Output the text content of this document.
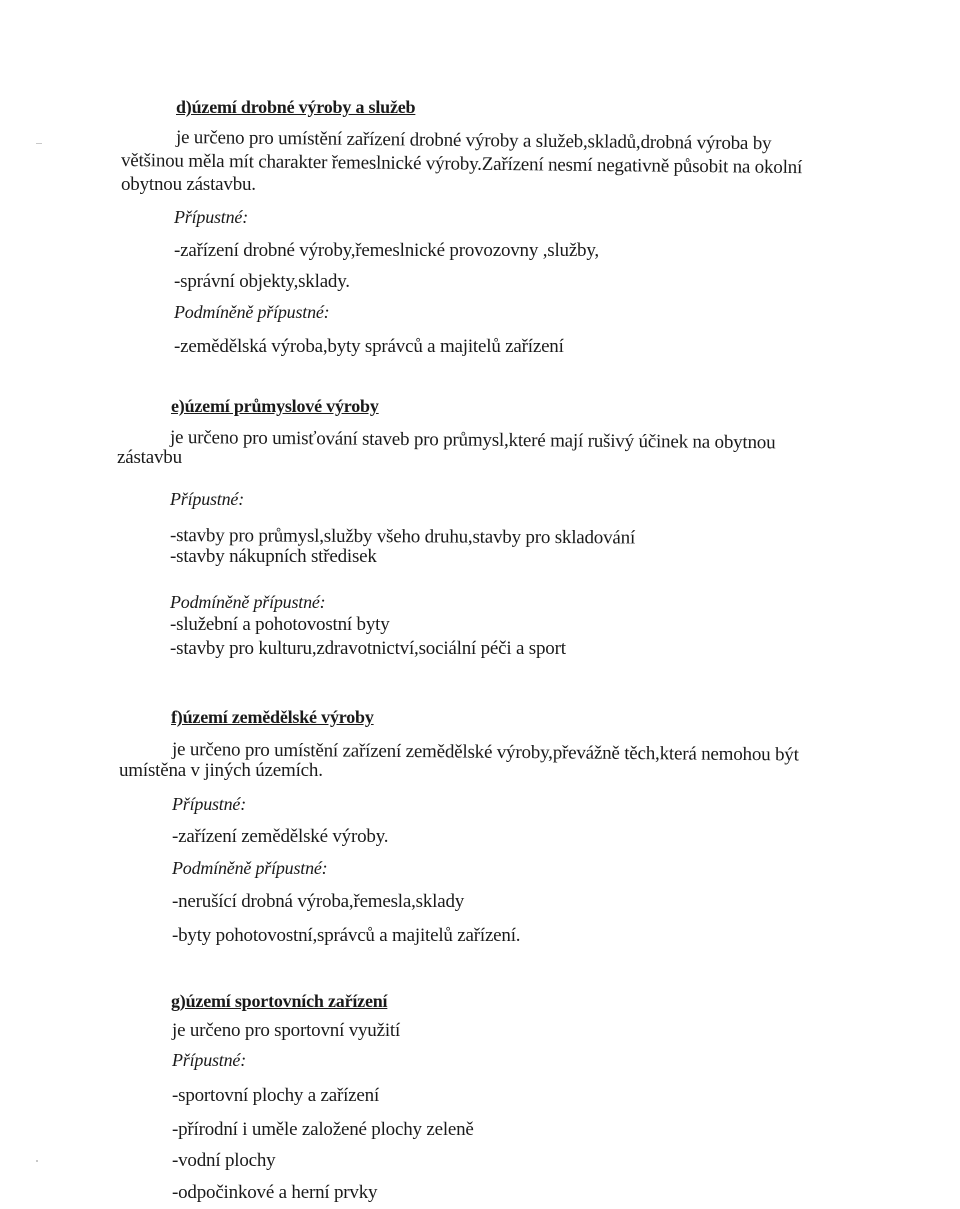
d)území drobné výroby a služeb
je určeno pro umístění zařízení drobné výroby a služeb,skladů,drobná výroba by
většinou měla mít charakter řemeslnické výroby.Zařízení nesmí negativně působit na okolní
obytnou zástavbu.
Přípustné:
-zařízení drobné výroby,řemeslnické provozovny ,služby,
-správní objekty,sklady.
Podmíněně přípustné:
-zemědělská výroba,byty správců a majitelů zařízení
e)území průmyslové výroby
je určeno pro umisťování staveb pro průmysl,které mají rušivý účinek na obytnou
zástavbu
Přípustné:
-stavby pro průmysl,služby všeho druhu,stavby pro skladování
-stavby nákupních středisek
Podmíněně přípustné:
-služební a pohotovostní byty
-stavby pro kulturu,zdravotnictví,sociální péči a sport
f)území zemědělské výroby
je určeno pro umístění zařízení zemědělské výroby,převážně těch,která nemohou být
umístěna v jiných územích.
Přípustné:
-zařízení zemědělské výroby.
Podmíněně přípustné:
-nerušící drobná výroba,řemesla,sklady
-byty pohotovostní,správců a majitelů zařízení.
g)území sportovních zařízení
je určeno pro sportovní využití
Přípustné:
-sportovní plochy a zařízení
-přírodní i uměle založené plochy zeleně
-vodní plochy
-odpočinkové a herní prvky
